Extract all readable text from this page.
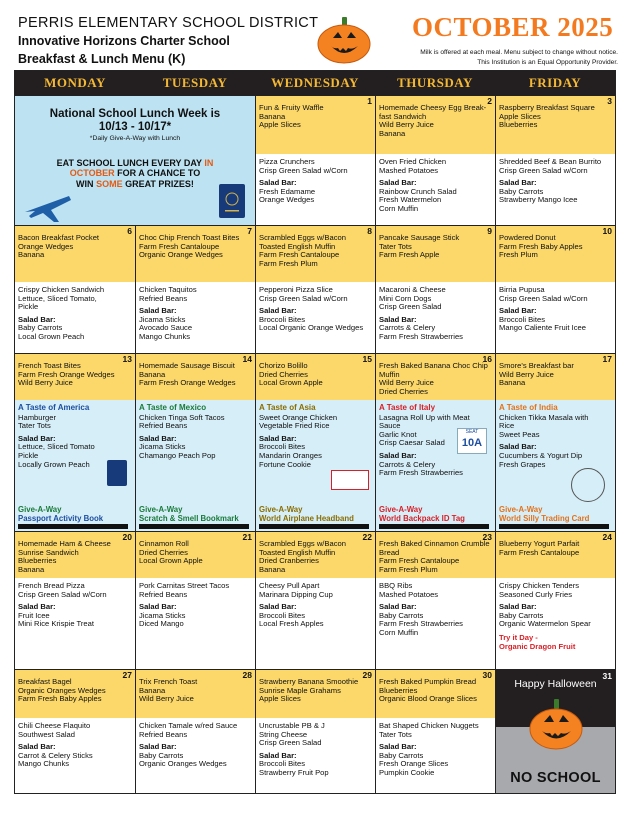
PERRIS ELEMENTARY SCHOOL DISTRICT
Innovative Horizons Charter School
Breakfast & Lunch Menu (K)
OCTOBER 2025
Milk is offered at each meal. Menu subject to change without notice.
This Institution is an Equal Opportunity Provider.
MONDAY	TUESDAY	WEDNESDAY	THURSDAY	FRIDAY
National School Lunch Week is
10/13 - 10/17*
*Daily Give-A-Way with Lunch
EAT SCHOOL LUNCH EVERY DAY IN
OCTOBER FOR A CHANCE TO
WIN SOME GREAT PRIZES!
1
Fun & Fruity Waffle
Banana
Apple Slices
Pizza Crunchers
Crisp Green Salad w/Corn
Salad Bar:
Fresh Edamame
Orange Wedges
2
Homemade Cheesy Egg Break-
fast Sandwich
Wild Berry Juice
Banana
Oven Fried Chicken
Mashed Potatoes
Salad Bar:
Rainbow Crunch Salad
Fresh Watermelon
Corn Muffin
3
Raspberry Breakfast Square
Apple Slices
Blueberries
Shredded Beef & Bean Burrito
Crisp Green Salad w/Corn
Salad Bar:
Baby Carrots
Strawberry Mango Icee
6
Bacon Breakfast Pocket
Orange Wedges
Banana
Crispy Chicken Sandwich
Lettuce, Sliced Tomato,
Pickle
Salad Bar:
Baby Carrots
Local Grown Peach
7
Choc Chip French Toast Bites
Farm Fresh Cantaloupe
Organic Orange Wedges
Chicken Taquitos
Refried Beans
Salad Bar:
Jicama Sticks
Avocado Sauce
Mango Chunks
8
Scrambled Eggs w/Bacon
Toasted English Muffin
Farm Fresh Cantaloupe
Farm Fresh Plum
Pepperoni Pizza Slice
Crisp Green Salad w/Corn
Salad Bar:
Broccoli Bites
Local Organic Orange Wedges
9
Pancake Sausage Stick
Tater Tots
Farm Fresh Apple
Macaroni & Cheese
Mini Corn Dogs
Crisp Green Salad
Salad Bar:
Carrots & Celery
Farm Fresh Strawberries
10
Powdered Donut
Farm Fresh Baby Apples
Fresh Plum
Birria Pupusa
Crisp Green Salad w/Corn
Salad Bar:
Broccoli Bites
Mango Caliente Fruit Icee
13
French Toast Bites
Farm Fresh Orange Wedges
Wild Berry Juice
A Taste of America
Hamburger
Tater Tots
Salad Bar:
Lettuce, Sliced Tomato
Pickle
Locally Grown Peach
Give-A-Way
Passport Activity Book
14
Homemade Sausage Biscuit
Banana
Farm Fresh Orange Wedges
A Taste of Mexico
Chicken Tinga Soft Tacos
Refried Beans
Salad Bar:
Jicama Sticks
Chamango Peach Pop
Give-A-Way
Scratch & Smell Bookmark
15
Chorizo Bolillo
Dried Cherries
Local Grown Apple
A Taste of Asia
Sweet Orange Chicken
Vegetable Fried Rice
Salad Bar:
Broccoli Bites
Mandarin Oranges
Fortune Cookie
Give-A-Way
World Airplane Headband
16
Fresh Baked Banana Choc Chip
Muffin
Wild Berry Juice
Dried Cherries
A Taste of Italy
Lasagna Roll Up with Meat
Sauce
Garlic Knot
Crisp Caesar Salad
Salad Bar:
Carrots & Celery
Farm Fresh Strawberries
SEAT
10A
Give-A-Way
World Backpack ID Tag
17
Smore's Breakfast bar
Wild Berry Juice
Banana
A Taste of India
Chicken Tikka Masala with
Rice
Sweet Peas
Salad Bar:
Cucumbers & Yogurt Dip
Fresh Grapes
Give-A-Way
World Silly Trading Card
20
Homemade Ham & Cheese
Sunrise Sandwich
Blueberries
Banana
French Bread Pizza
Crisp Green Salad w/Corn
Salad Bar:
Fruit Icee
Mini Rice Krispie Treat
21
Cinnamon Roll
Dried Cherries
Local Grown Apple
Pork Carnitas Street Tacos
Refried Beans
Salad Bar:
Jicama Sticks
Diced Mango
22
Scrambled Eggs w/Bacon
Toasted English Muffin
Dried Cranberries
Banana
Cheesy Pull Apart
Marinara Dipping Cup
Salad Bar:
Broccoli Bites
Local Fresh Apples
23
Fresh Baked Cinnamon Crumble
Bread
Farm Fresh Cantaloupe
Farm Fresh Plum
BBQ Ribs
Mashed Potatoes
Salad Bar:
Baby Carrots
Farm Fresh Strawberries
Corn Muffin
24
Blueberry Yogurt Parfait
Farm Fresh Cantaloupe
Crispy Chicken Tenders
Seasoned Curly Fries
Salad Bar:
Baby Carrots
Organic Watermelon Spear
Try it Day -
Organic Dragon Fruit
27
Breakfast Bagel
Organic Oranges Wedges
Farm Fresh Baby Apples
Chili Cheese Flaquito
Southwest Salad
Salad Bar:
Carrot & Celery Sticks
Mango Chunks
28
Trix French Toast
Banana
Wild Berry Juice
Chicken Tamale w/red Sauce
Refried Beans
Salad Bar:
Baby Carrots
Organic Oranges Wedges
29
Strawberry Banana Smoothie
Sunrise Maple Grahams
Apple Slices
Uncrustable PB & J
String Cheese
Crisp Green Salad
Salad Bar:
Broccoli Bites
Strawberry Fruit Pop
30
Fresh Baked Pumpkin Bread
Blueberries
Organic Blood Orange Slices
Bat Shaped Chicken Nuggets
Tater Tots
Salad Bar:
Baby Carrots
Fresh Orange Slices
Pumpkin Cookie
31
Happy Halloween
NO SCHOOL
